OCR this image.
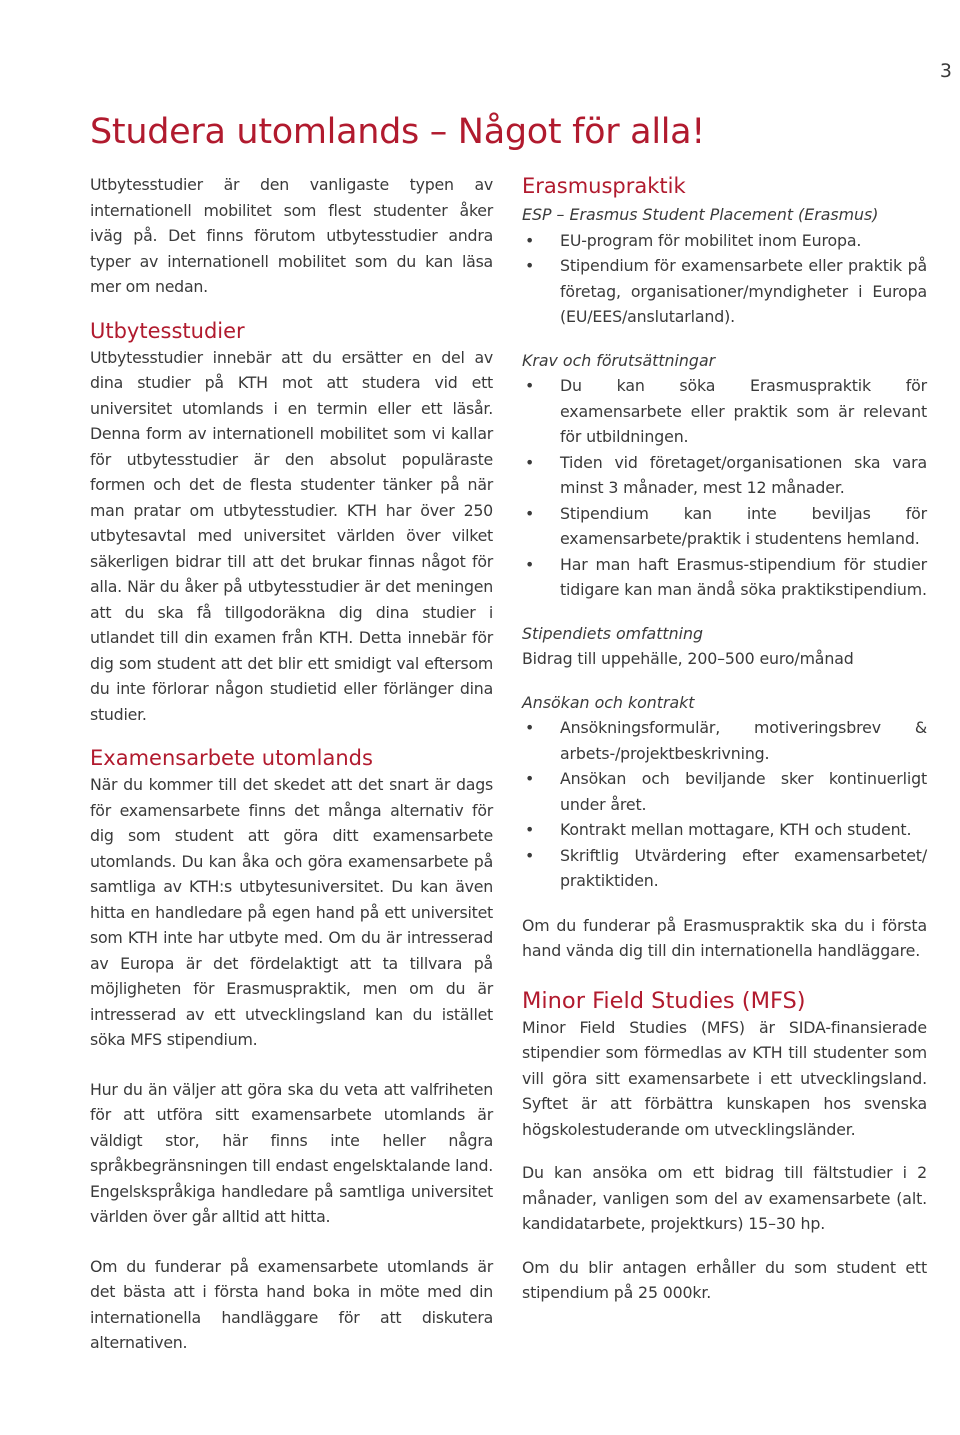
3
Studera utomlands – Något för alla!

Utbytesstudier är den vanligaste typen av internationell mobilitet som flest studenter åker iväg på. Det finns förutom utbytesstudier andra typer av internationell mobilitet som du kan läsa mer om nedan.

Utbytesstudier

Utbytesstudier innebär att du ersätter en del av dina studier på KTH mot att studera vid ett universitet utomlands i en termin eller ett läsår. Denna form av internationell mobilitet som vi kallar för utbytesstudier är den absolut populäraste formen och det de flesta studenter tänker på när man pratar om utbytesstudier. KTH har över 250 utbytesavtal med universitet världen över vilket säkerligen bidrar till att det brukar finnas något för alla. När du åker på utbytesstudier är det meningen att du ska få tillgodoräkna dig dina studier i utlandet till din examen från KTH. Detta innebär för dig som student att det blir ett smidigt val eftersom du inte förlorar någon studietid eller förlänger dina studier.

Examensarbete utomlands

När du kommer till det skedet att det snart är dags för examensarbete finns det många alternativ för dig som student att göra ditt examensarbete utomlands. Du kan åka och göra examensarbete på samtliga av KTH:s utbytesuniversitet. Du kan även hitta en handledare på egen hand på ett universitet som KTH inte har utbyte med. Om du är intresserad av Europa är det fördelaktigt att ta tillvara på möjligheten för Erasmuspraktik, men om du är intresserad av ett utvecklingsland kan du istället söka MFS stipendium.

Hur du än väljer att göra ska du veta att valfriheten för att utföra sitt examensarbete utomlands är väldigt stor, här finns inte heller några språkbegränsningen till endast engelsktalande land. Engelskspråkiga handledare på samtliga universitet världen över går alltid att hitta.

Om du funderar på examensarbete utomlands är det bästa att i första hand boka in möte med din internationella handläggare för att diskutera alternativen.

Erasmuspraktik
ESP – Erasmus Student Placement (Erasmus)
• EU-program för mobilitet inom Europa.
• Stipendium för examensarbete eller praktik på företag, organisationer/myndigheter i Europa (EU/EES/anslutarland).
Krav och förutsättningar
• Du kan söka Erasmuspraktik för examensarbete eller praktik som är relevant för utbildningen.
• Tiden vid företaget/organisationen ska vara minst 3 månader, mest 12 månader.
• Stipendium kan inte beviljas för examensarbete/praktik i studentens hemland.
• Har man haft Erasmus-stipendium för studier tidigare kan man ändå söka praktikstipendium.
Stipendiets omfattning

Bidrag till uppehälle, 200–500 euro/månad

Ansökan och kontrakt
• Ansökningsformulär, motiveringsbrev & arbets-/projektbeskrivning.
• Ansökan och beviljande sker kontinuerligt under året.
• Kontrakt mellan mottagare, KTH och student.
• Skriftlig Utvärdering efter examensarbetet/ praktiktiden.

Om du funderar på Erasmuspraktik ska du i första hand vända dig till din internationella handläggare.

Minor Field Studies (MFS)

Minor Field Studies (MFS) är SIDA-finansierade stipendier som förmedlas av KTH till studenter som vill göra sitt examensarbete i ett utvecklingsland. Syftet är att förbättra kunskapen hos svenska högskolestuderande om utvecklingsländer.

Du kan ansöka om ett bidrag till fältstudier i 2 månader, vanligen som del av examensarbete (alt. kandidatarbete, projektkurs) 15–30 hp.

Om du blir antagen erhåller du som student ett stipendium på 25 000kr.
